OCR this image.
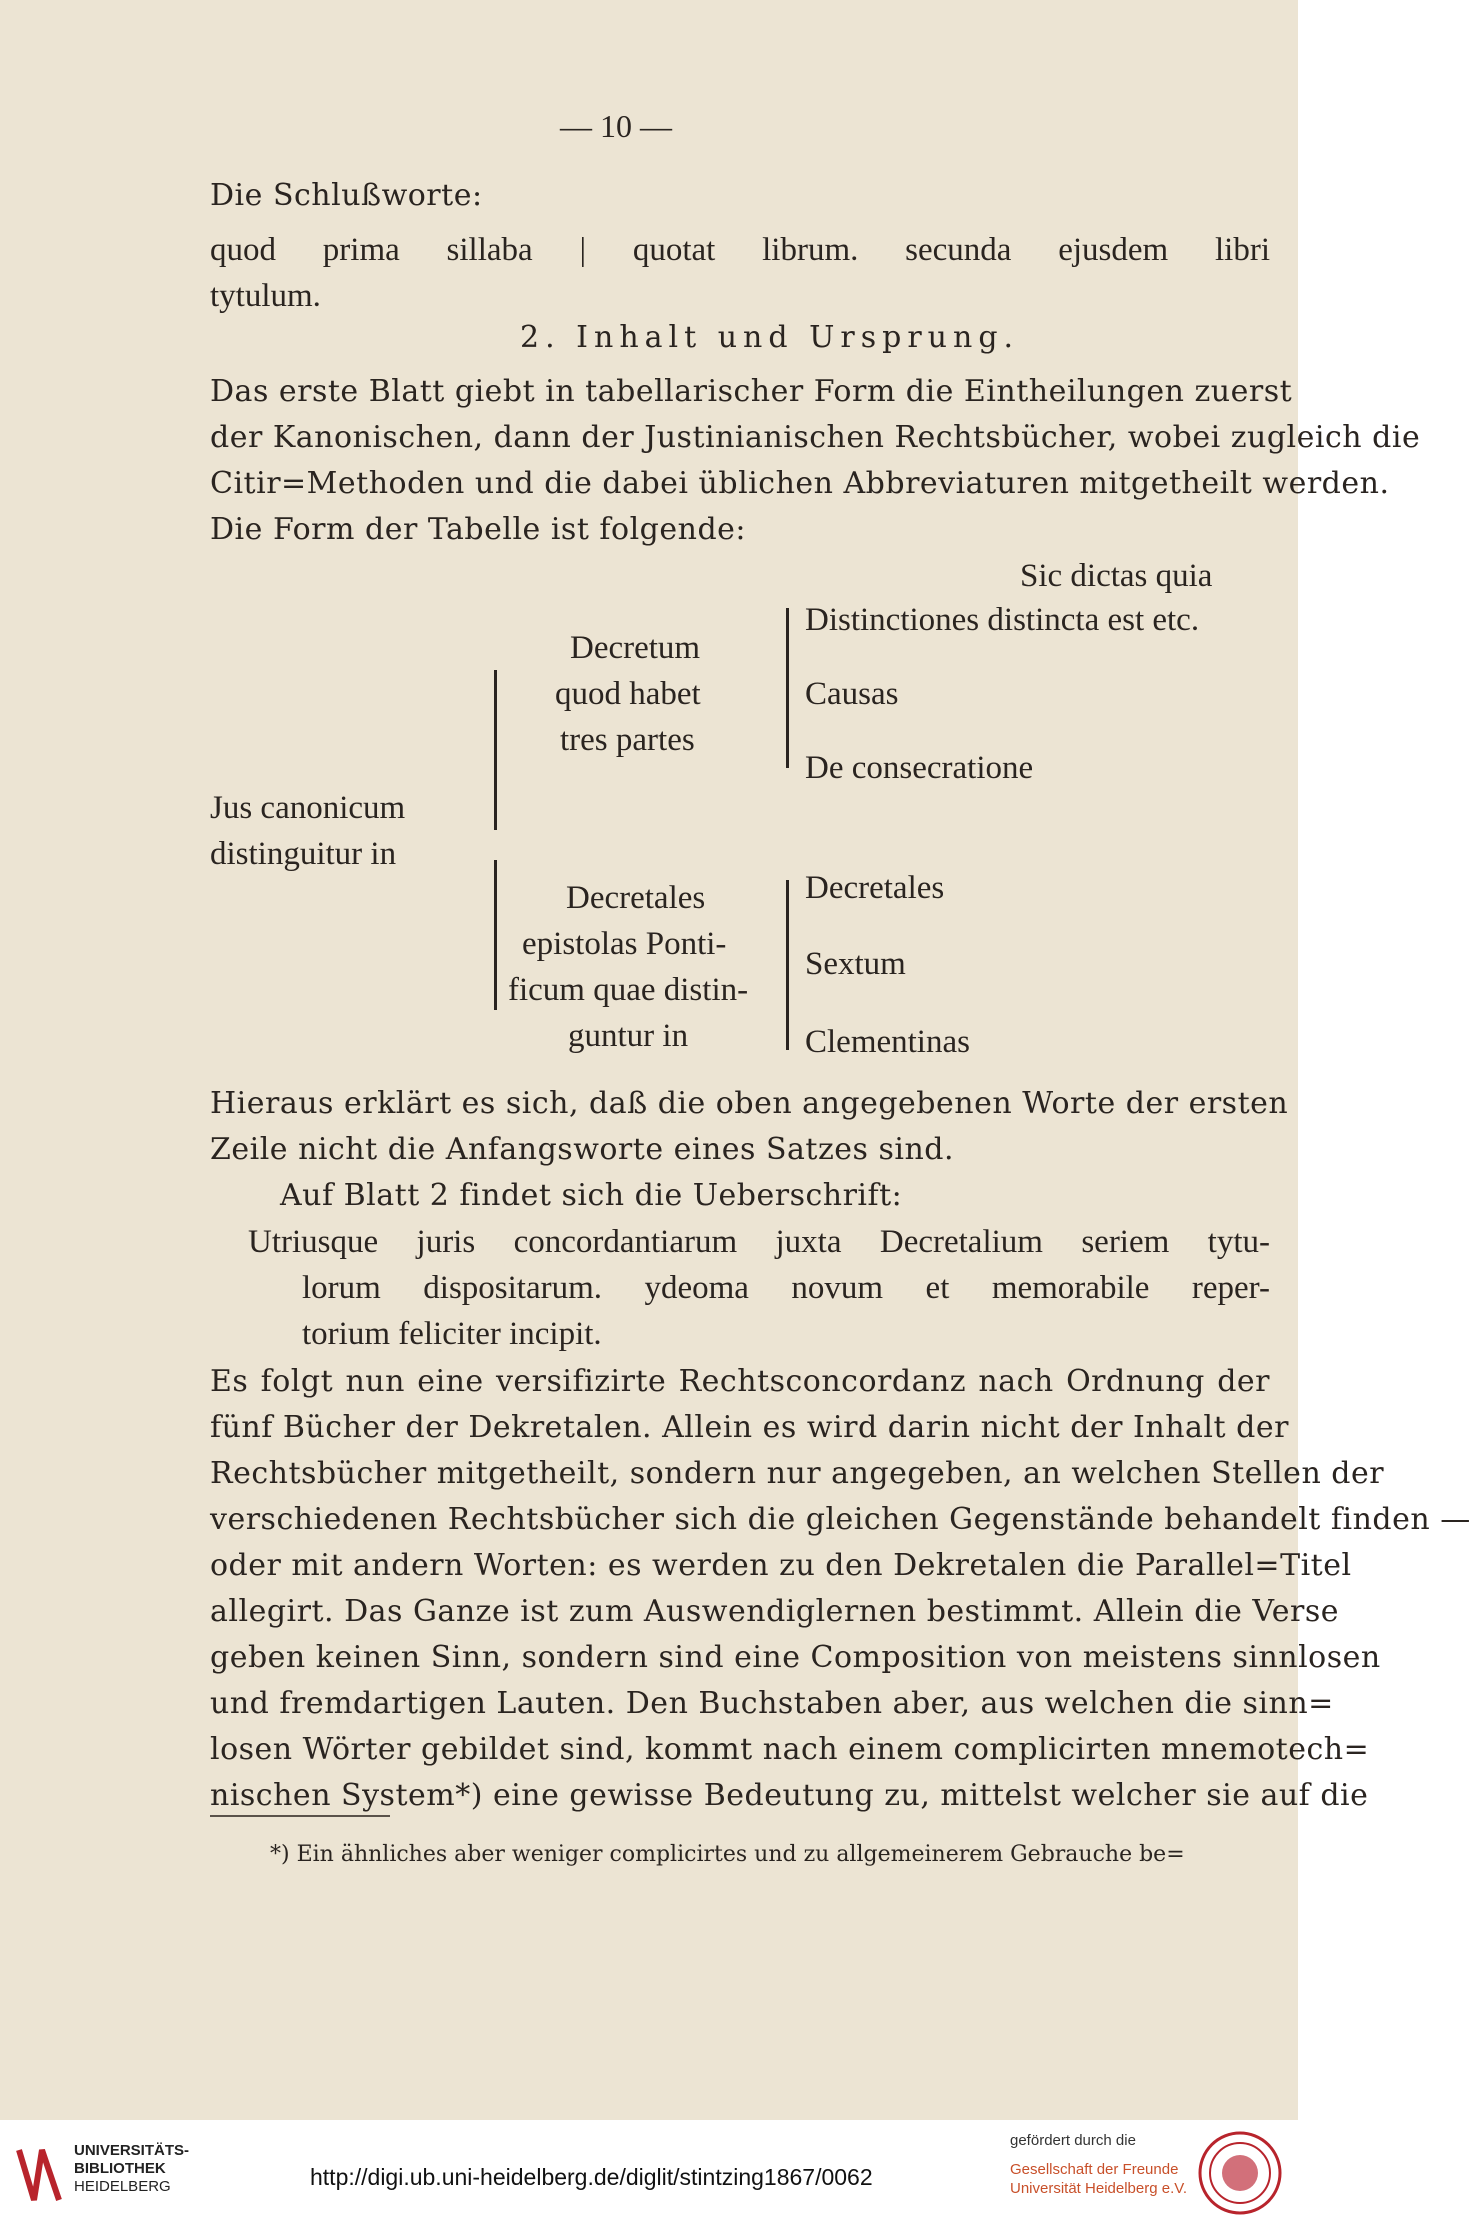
— 10 —
Die Schlußworte:
quod prima sillaba | quotat librum. secunda ejusdem libri
tytulum.
2. Inhalt und Ursprung.
Das erste Blatt giebt in tabellarischer Form die Eintheilungen zuerst
der Kanonischen, dann der Justinianischen Rechtsbücher, wobei zugleich die
Citir=Methoden und die dabei üblichen Abbreviaturen mitgetheilt werden.
Die Form der Tabelle ist folgende:
Sic dictas quia
Jus canonicum
distinguitur in
Decretum
quod habet
tres partes
Distinctiones distincta est etc.
Causas
De consecratione
Decretales
epistolas Ponti-
ficum quae distin-
guntur in
Decretales
Sextum
Clementinas
Hieraus erklärt es sich, daß die oben angegebenen Worte der ersten
Zeile nicht die Anfangsworte eines Satzes sind.
Auf Blatt 2 findet sich die Ueberschrift:
Utriusque juris concordantiarum juxta Decretalium seriem tytu-
lorum dispositarum. ydeoma novum et memorabile reper-
torium feliciter incipit.
Es folgt nun eine versifizirte Rechtsconcordanz nach Ordnung der
fünf Bücher der Dekretalen. Allein es wird darin nicht der Inhalt der
Rechtsbücher mitgetheilt, sondern nur angegeben, an welchen Stellen der
verschiedenen Rechtsbücher sich die gleichen Gegenstände behandelt finden —
oder mit andern Worten: es werden zu den Dekretalen die Parallel=Titel
allegirt. Das Ganze ist zum Auswendiglernen bestimmt. Allein die Verse
geben keinen Sinn, sondern sind eine Composition von meistens sinnlosen
und fremdartigen Lauten. Den Buchstaben aber, aus welchen die sinn=
losen Wörter gebildet sind, kommt nach einem complicirten mnemotech=
nischen System*) eine gewisse Bedeutung zu, mittelst welcher sie auf die
*) Ein ähnliches aber weniger complicirtes und zu allgemeinerem Gebrauche be=
UNIVERSITÄTS-
BIBLIOTHEK
HEIDELBERG	http://digi.ub.uni-heidelberg.de/diglit/stintzing1867/0062
gefördert durch die
Gesellschaft der Freunde
Universität Heidelberg e.V.
